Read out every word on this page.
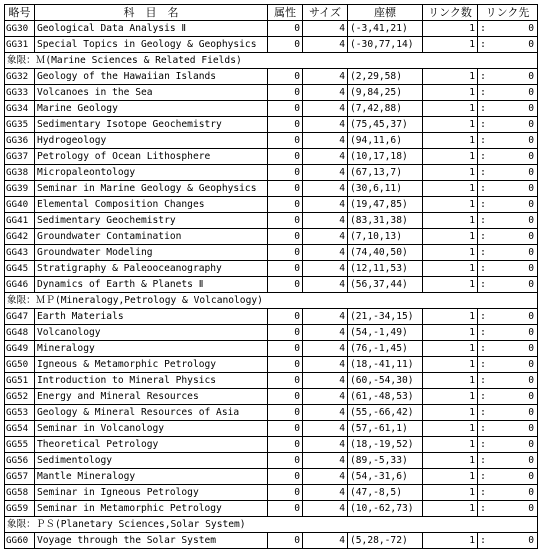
略号	科　目　名	属性	サイズ	座標	リンク数	リンク先
GG30	Geological Data Analysis Ⅱ	0	4	(-3,41,21)	1	: 0

GG31	Special Topics in Geology & Geophysics	0	4	(-30,77,14)	1	: 0

象限：Ｍ(Marine Sciences & Related Fields)						
GG32	Geology of the Hawaiian Islands	0	4	(2,29,58)	1	: 0

GG33	Volcanoes in the Sea	0	4	(9,84,25)	1	: 0

GG34	Marine Geology	0	4	(7,42,88)	1	: 0

GG35	Sedimentary Isotope Geochemistry	0	4	(75,45,37)	1	: 0

GG36	Hydrogeology	0	4	(94,11,6)	1	: 0

GG37	Petrology of Ocean Lithosphere	0	4	(10,17,18)	1	: 0

GG38	Micropaleontology	0	4	(67,13,7)	1	: 0

GG39	Seminar in Marine Geology & Geophysics	0	4	(30,6,11)	1	: 0

GG40	Elemental Composition Changes	0	4	(19,47,85)	1	: 0

GG41	Sedimentary Geochemistry	0	4	(83,31,38)	1	: 0

GG42	Groundwater Contamination	0	4	(7,10,13)	1	: 0

GG43	Groundwater Modeling	0	4	(74,40,50)	1	: 0

GG45	Stratigraphy & Paleooceanography	0	4	(12,11,53)	1	: 0

GG46	Dynamics of Earth & Planets Ⅱ	0	4	(56,37,44)	1	: 0

象限：ＭＰ(Mineralogy,Petrology & Volcanology)						
GG47	Earth Materials	0	4	(21,-34,15)	1	: 0

GG48	Volcanology	0	4	(54,-1,49)	1	: 0

GG49	Mineralogy	0	4	(76,-1,45)	1	: 0

GG50	Igneous & Metamorphic Petrology	0	4	(18,-41,11)	1	: 0

GG51	Introduction to Mineral Physics	0	4	(60,-54,30)	1	: 0

GG52	Energy and Mineral Resources	0	4	(61,-48,53)	1	: 0

GG53	Geology & Mineral Resources of Asia	0	4	(55,-66,42)	1	: 0

GG54	Seminar in Volcanology	0	4	(57,-61,1)	1	: 0

GG55	Theoretical Petrology	0	4	(18,-19,52)	1	: 0

GG56	Sedimentology	0	4	(89,-5,33)	1	: 0

GG57	Mantle Mineralogy	0	4	(54,-31,6)	1	: 0

GG58	Seminar in Igneous Petrology	0	4	(47,-8,5)	1	: 0

GG59	Seminar in Metamorphic Petrology	0	4	(10,-62,73)	1	: 0

象限：ＰＳ(Planetary Sciences,Solar System)						
GG60	Voyage through the Solar System	0	4	(5,28,-72)	1	: 0
